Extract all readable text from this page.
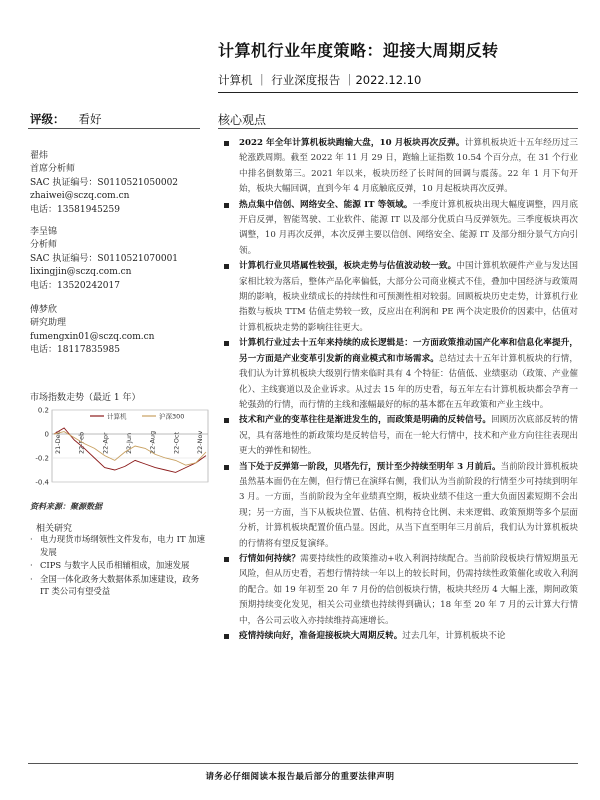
计算机行业年度策略：迎接大周期反转
计算机 ｜ 行业深度报告 ｜2022.12.10
评级： 看好	核心观点
翟炜
首席分析师
SAC 执证编号：S0110521050002
zhaiwei@sczq.com.cn
电话：13581945259
李呈锦
分析师
SAC 执证编号：S0110521070001
lixingjin@sczq.com.cn
电话：13520242017
傅梦欣
研究助理
fumengxin01@sczq.com.cn
电话：18117835985
市场指数走势（最近 1 年）
0.2
0
-0.2
-0.4
21-Dec 22-Feb 22-Apr 22-Jun 22-Aug 22-Oct 22-Nov
计算机	沪深300
资料来源：聚源数据
相关研究
· 电力现货市场纲领性文件发布，电力 IT 加速发展
· CIPS 与数字人民币相辅相成，加速发展
· 全国一体化政务大数据体系加速建设，政务 IT 类公司有望受益
2022 年全年计算机板块跑输大盘，10 月板块再次反弹。计算机板块近十五年经历过三轮涨跌周期。截至 2022 年 11 月 29 日，跑输上证指数 10.54 个百分点，在 31 个行业中排名倒数第三。2021 年以来，板块历经了长时间的回调与震荡。22 年 1 月下旬开始，板块大幅回调，直到今年 4 月底触底反弹，10 月起板块再次反弹。
热点集中信创、网络安全、能源 IT 等领域。一季度计算机板块出现大幅度调整，四月底开启反弹，智能驾驶、工业软件、能源 IT 以及部分优质白马反弹领先。三季度板块再次调整，10 月再次反弹，本次反弹主要以信创、网络安全、能源 IT 及部分细分景气方向引领。
计算机行业贝塔属性较强，板块走势与估值波动较一致。中国计算机软硬件产业与发达国家相比较为落后，整体产品化率偏低，大部分公司商业模式不佳，叠加中国经济与政策周期的影响，板块业绩成长的持续性和可预测性相对较弱。回顾板块历史走势，计算机行业指数与板块 TTM 估值走势较一致，反应出在利润和 PE 两个决定股价的因素中，估值对计算机板块走势的影响往往更大。
计算机行业过去十五年来持续的成长逻辑是：一方面政策推动国产化率和信息化率提升，另一方面是产业变革引发新的商业模式和市场需求。总结过去十五年计算机板块的行情，我们认为计算机板块大级别行情来临时具有 4 个特征：估值低、业绩驱动（政策、产业催化）、主线赛道以及企业诉求。从过去 15 年的历史看，每五年左右计算机板块都会孕育一轮强劲的行情，而行情的主线和涨幅最好的标的基本都在五年政策和产业主线中。
技术和产业的变革往往是渐进发生的，而政策是明确的反转信号。回顾历次底部反转的情况，具有落地性的新政策均是反转信号，而在一轮大行情中，技术和产业方向往往表现出更大的弹性和韧性。
当下处于反弹第一阶段，贝塔先行，预计至少持续至明年 3 月前后。当前阶段计算机板块虽然基本面仍在左侧，但行情已在演绎右侧，我们认为当前阶段的行情至少可持续到明年 3 月。一方面，当前阶段为全年业绩真空期，板块业绩不佳这一重大负面因素短期不会出现；另一方面，当下从板块位置、估值、机构持仓比例、未来逻辑、政策预期等多个层面分析，计算机板块配置价值凸显。因此，从当下直至明年三月前后，我们认为计算机板块的行情将有望反复演绎。
行情如何持续？需要持续性的政策推动+收入利润持续配合。当前阶段板块行情短期虽无风险，但从历史看，若想行情持续一年以上的较长时间，仍需持续性政策催化或收入利润的配合。如 19 年初至 20 年 7 月份的信创板块行情，板块共经历 4 大幅上涨，期间政策预期持续变化发见，相关公司业绩也持续得到确认；18 年至 20 年 7 月的云计算大行情中，各公司云收入亦持续维持高速增长。
疫情持续向好，准备迎接板块大周期反转。过去几年，计算机板块不论
请务必仔细阅读本报告最后部分的重要法律声明
